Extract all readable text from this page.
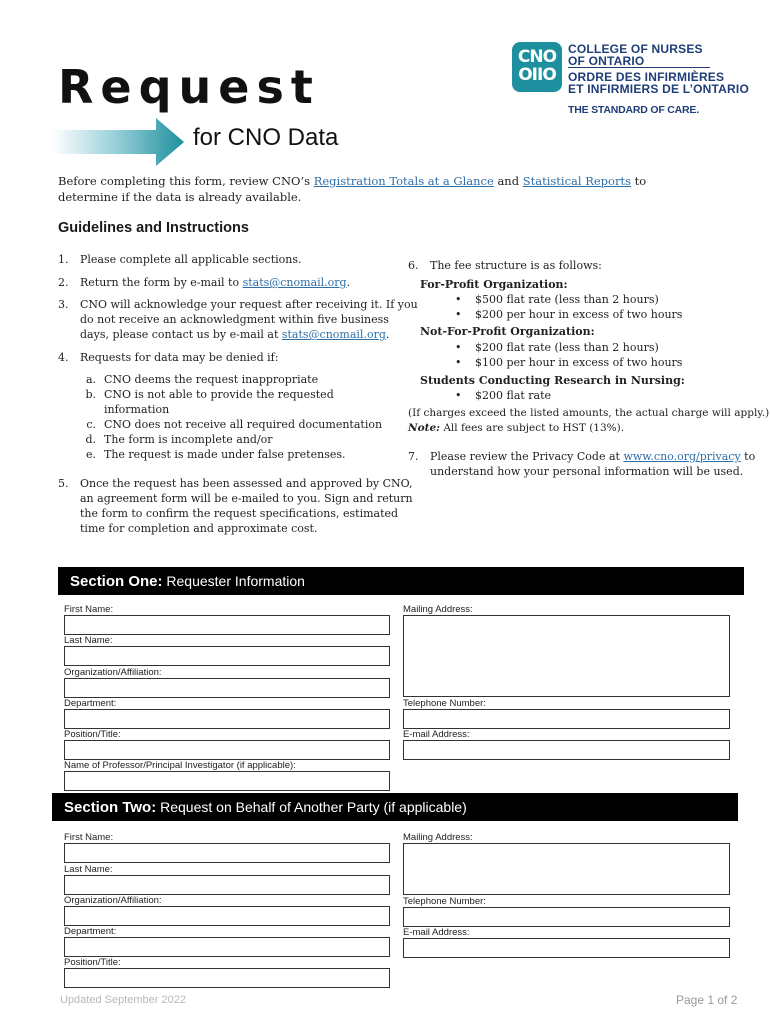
Request
for CNO Data
CNO
OIIO
COLLEGE OF NURSES
OF ONTARIO
ORDRE DES INFIRMIÈRES
ET INFIRMIERS DE L’ONTARIO
THE STANDARD OF CARE.
Before completing this form, review CNO’s Registration Totals at a Glance and Statistical Reports to determine if the data is already available.
Guidelines and Instructions
1. Please complete all applicable sections.
2. Return the form by e-mail to stats@cnomail.org.
3. CNO will acknowledge your request after receiving it. If you
do not receive an acknowledgment within five business
days, please contact us by e-mail at stats@cnomail.org.
4. Requests for data may be denied if:
a. CNO deems the request inappropriate
b. CNO is not able to provide the requested
information
c. CNO does not receive all required documentation
d. The form is incomplete and/or
e. The request is made under false pretenses.
5. Once the request has been assessed and approved by CNO,
an agreement form will be e-mailed to you. Sign and return
the form to confirm the request specifications, estimated
time for completion and approximate cost.
6. The fee structure is as follows:
For-Profit Organization:
• $500 flat rate (less than 2 hours)
• $200 per hour in excess of two hours
Not-For-Profit Organization:
• $200 flat rate (less than 2 hours)
• $100 per hour in excess of two hours
Students Conducting Research in Nursing:
• $200 flat rate
(If charges exceed the listed amounts, the actual charge will apply.)
Note: All fees are subject to HST (13%).
7. Please review the Privacy Code at www.cno.org/privacy to
understand how your personal information will be used.
Section One: Requester Information
First Name:
Last Name:
Organization/Affiliation:
Department:
Position/Title:
Name of Professor/Principal Investigator (if applicable):
Mailing Address:
Telephone Number:
E-mail Address:
Section Two: Request on Behalf of Another Party (if applicable)
First Name:
Last Name:
Organization/Affiliation:
Department:
Position/Title:
Mailing Address:
Telephone Number:
E-mail Address:
Updated September 2022	Page 1 of 2
